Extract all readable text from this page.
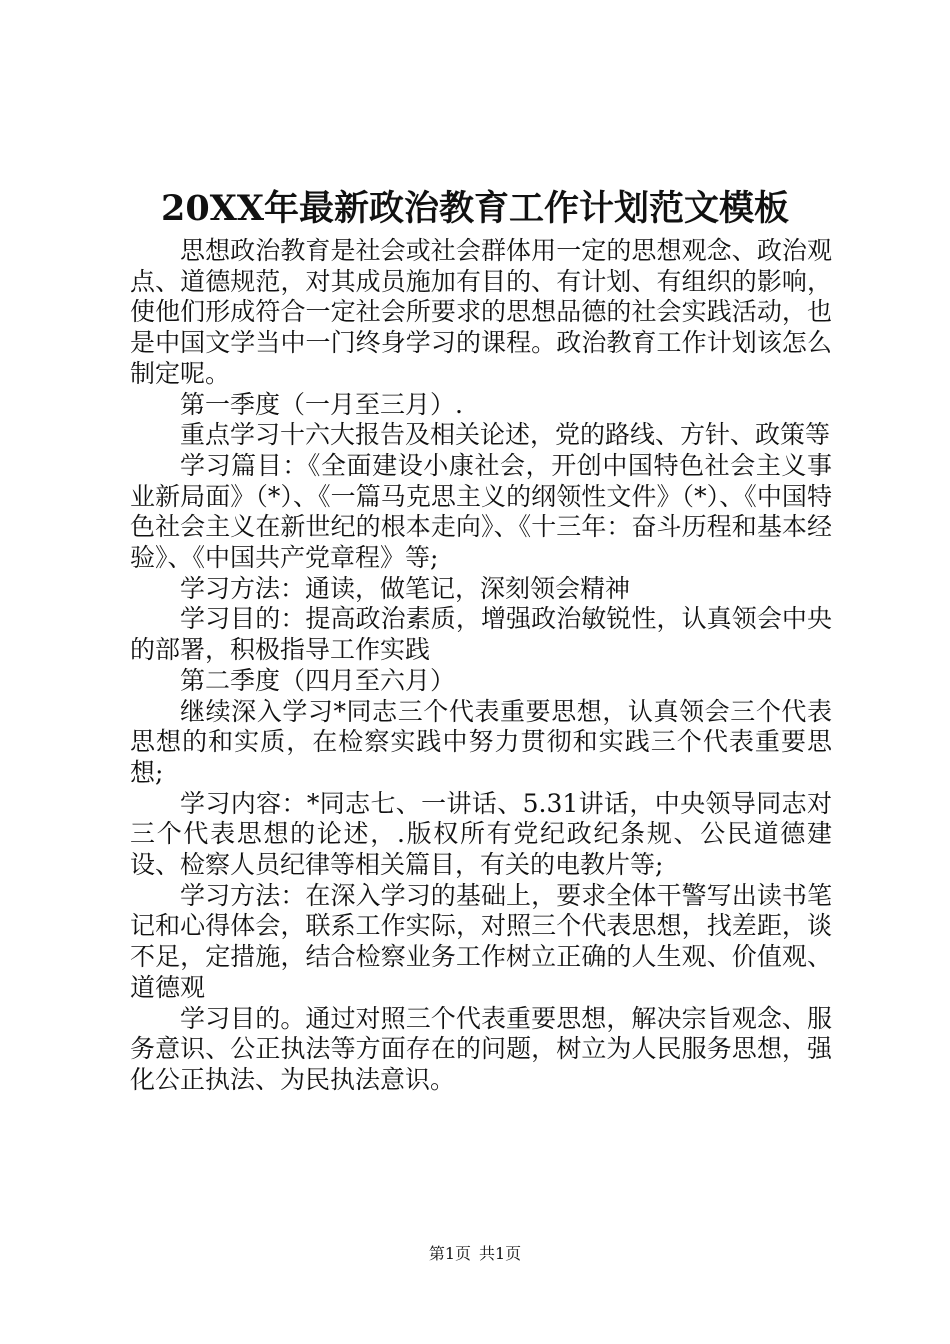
20XX年最新政治教育工作计划范文模板

思想政治教育是社会或社会群体用一定的思想观念、政治观点、道德规范，对其成员施加有目的、有计划、有组织的影响，使他们形成符合一定社会所要求的思想品德的社会实践活动，也是中国文学当中一门终身学习的课程。政治教育工作计划该怎么制定呢。

第一季度（一月至三月）.

重点学习十六大报告及相关论述，党的路线、方针、政策等

学习篇目：《全面建设小康社会，开创中国特色社会主义事业新局面》（*）、《一篇马克思主义的纲领性文件》（*）、《中国特色社会主义在新世纪的根本走向》、《十三年：奋斗历程和基本经验》、《中国共产党章程》等;

学习方法：通读，做笔记，深刻领会精神

学习目的：提高政治素质，增强政治敏锐性，认真领会中央的部署，积极指导工作实践

第二季度（四月至六月）

继续深入学习*同志三个代表重要思想，认真领会三个代表思想的和实质，在检察实践中努力贯彻和实践三个代表重要思想;

学习内容：*同志七、一讲话、5.31讲话，中央领导同志对三个代表思想的论述，.版权所有党纪政纪条规、公民道德建设、检察人员纪律等相关篇目，有关的电教片等;

学习方法：在深入学习的基础上，要求全体干警写出读书笔记和心得体会，联系工作实际，对照三个代表思想，找差距，谈不足，定措施，结合检察业务工作树立正确的人生观、价值观、道德观

学习目的。通过对照三个代表重要思想，解决宗旨观念、服务意识、公正执法等方面存在的问题，树立为人民服务思想，强化公正执法、为民执法意识。

第1页 共1页
